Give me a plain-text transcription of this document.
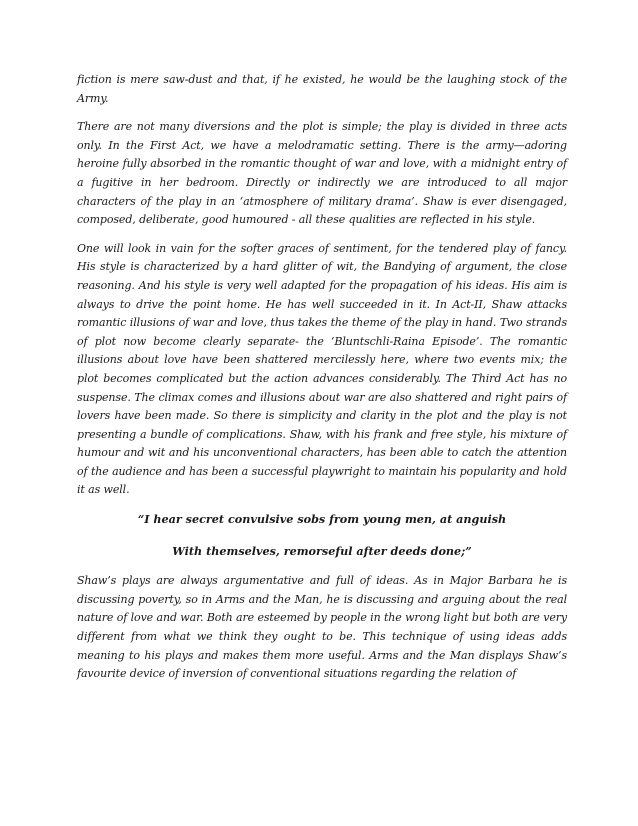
fiction is mere saw-dust and that, if he existed, he would be the laughing stock of the Army.

There are not many diversions and the plot is simple; the play is divided in three acts only. In the First Act, we have a melodramatic setting. There is the army—adoring heroine fully absorbed in the romantic thought of war and love, with a midnight entry of a fugitive in her bedroom. Directly or indirectly we are introduced to all major characters of the play in an ‘atmosphere of military drama’. Shaw is ever disengaged, composed, deliberate, good humoured - all these qualities are reflected in his style.

One will look in vain for the softer graces of sentiment, for the tendered play of fancy. His style is characterized by a hard glitter of wit, the Bandying of argument, the close reasoning. And his style is very well adapted for the propagation of his ideas. His aim is always to drive the point home. He has well succeeded in it. In Act-II, Shaw attacks romantic illusions of war and love, thus takes the theme of the play in hand. Two strands of plot now become clearly separate- the ‘Bluntschli-Raina Episode’. The romantic illusions about love have been shattered mercilessly here, where two events mix; the plot becomes complicated but the action advances considerably. The Third Act has no suspense. The climax comes and illusions about war are also shattered and right pairs of lovers have been made. So there is simplicity and clarity in the plot and the play is not presenting a bundle of complications. Shaw, with his frank and free style, his mixture of humour and wit and his unconventional characters, has been able to catch the attention of the audience and has been a successful playwright to maintain his popularity and hold it as well.

“I hear secret convulsive sobs from young men, at anguish

With themselves, remorseful after deeds done;”

Shaw’s plays are always argumentative and full of ideas. As in Major Barbara he is discussing poverty, so in Arms and the Man, he is discussing and arguing about the real nature of love and war. Both are esteemed by people in the wrong light but both are very different from what we think they ought to be. This technique of using ideas adds meaning to his plays and makes them more useful. Arms and the Man displays Shaw’s favourite device of inversion of conventional situations regarding the relation of
